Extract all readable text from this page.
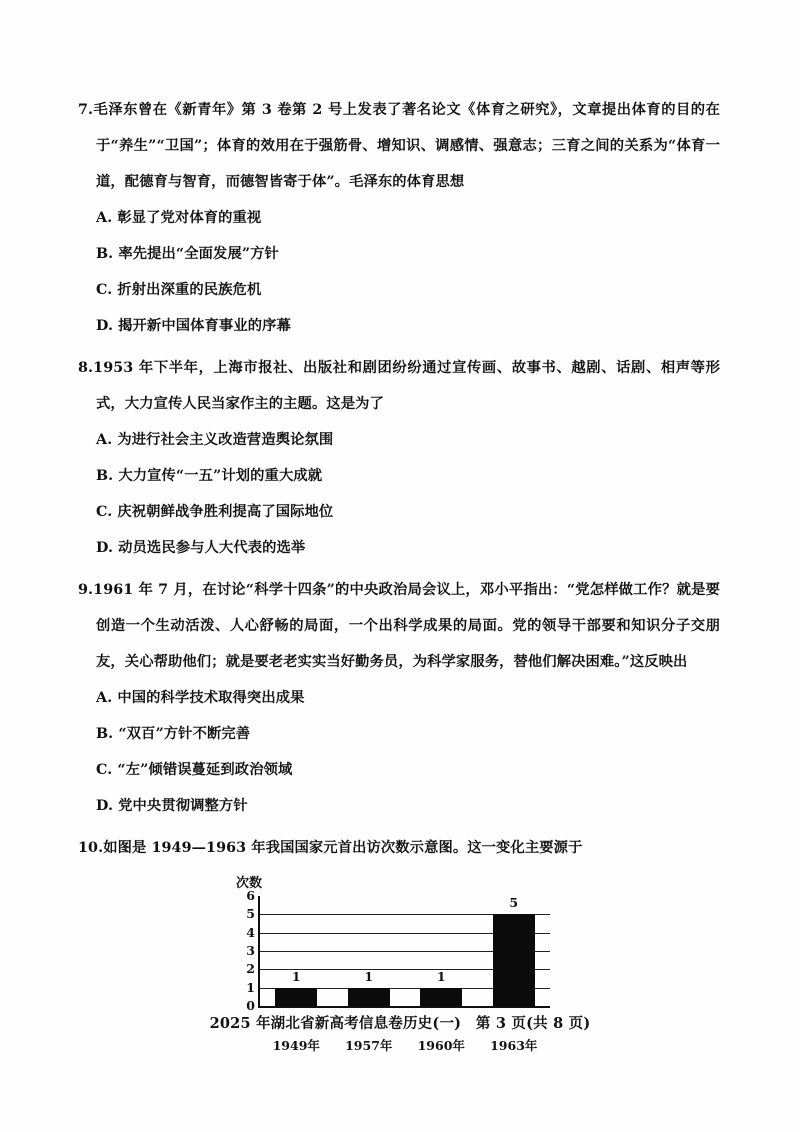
7.毛泽东曾在《新青年》第 3 卷第 2 号上发表了著名论文《体育之研究》，文章提出体育的目的在于“养生”“卫国”；体育的效用在于强筋骨、增知识、调感情、强意志；三育之间的关系为“体育一道，配德育与智育，而德智皆寄于体”。毛泽东的体育思想
A. 彰显了党对体育的重视
B. 率先提出“全面发展”方针
C. 折射出深重的民族危机
D. 揭开新中国体育事业的序幕
8.1953 年下半年，上海市报社、出版社和剧团纷纷通过宣传画、故事书、越剧、话剧、相声等形式，大力宣传人民当家作主的主题。这是为了
A. 为进行社会主义改造营造舆论氛围
B. 大力宣传“一五”计划的重大成就
C. 庆祝朝鲜战争胜利提高了国际地位
D. 动员选民参与人大代表的选举
9.1961 年 7 月，在讨论“科学十四条”的中央政治局会议上，邓小平指出：“党怎样做工作？就是要创造一个生动活泼、人心舒畅的局面，一个出科学成果的局面。党的领导干部要和知识分子交朋友，关心帮助他们；就是要老老实实当好勤务员，为科学家服务，替他们解决困难。”这反映出
A. 中国的科学技术取得突出成果
B. “双百”方针不断完善
C. “左”倾错误蔓延到政治领域
D. 党中央贯彻调整方针
10.如图是 1949—1963 年我国国家元首出访次数示意图。这一变化主要源于
次数
0
1
2
3
4
5
6
1
1949年
1
1957年
1
1960年
5
1963年
2025 年湖北省新高考信息卷历史(一)　第 3 页(共 8 页)
